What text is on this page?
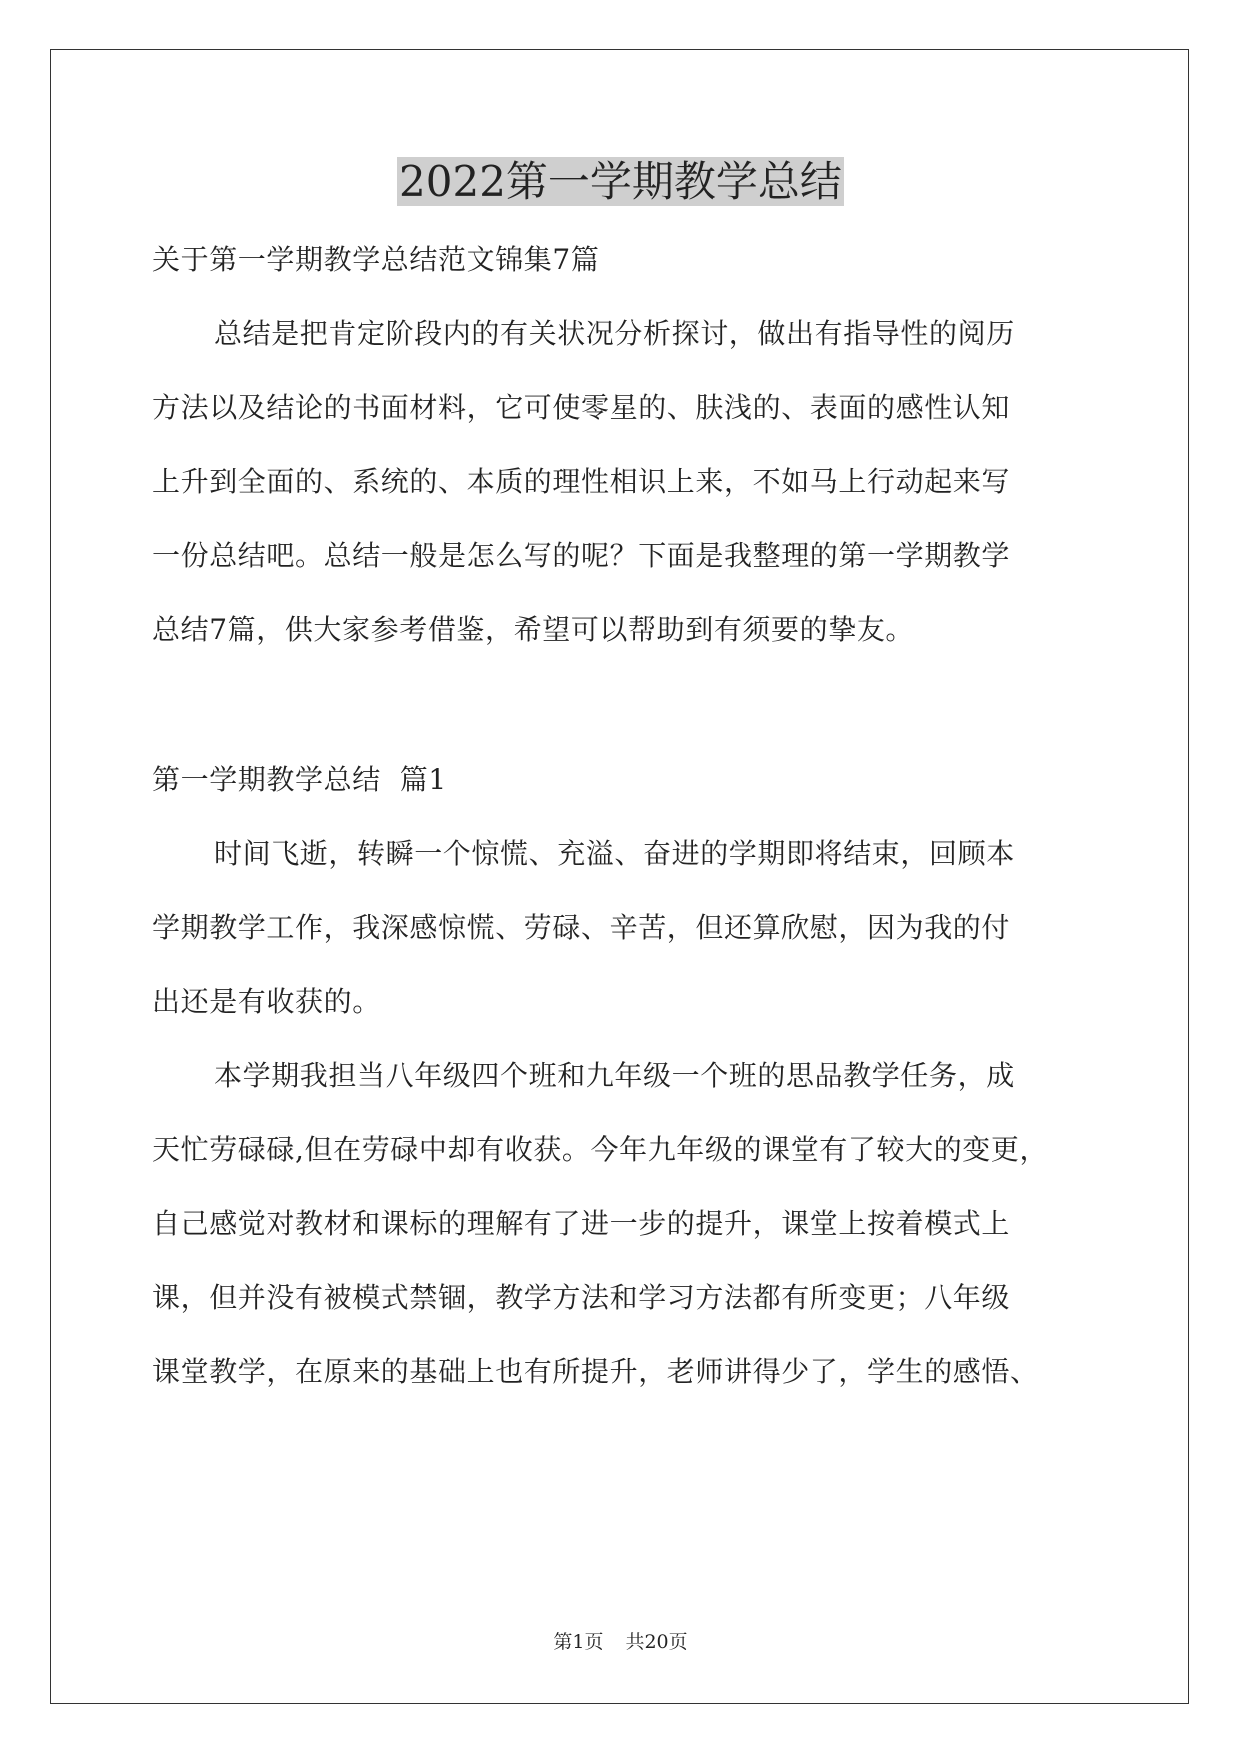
2022第一学期教学总结

关于第一学期教学总结范文锦集7篇

总结是把肯定阶段内的有关状况分析探讨，做出有指导性的阅历

方法以及结论的书面材料，它可使零星的、肤浅的、表面的感性认知

上升到全面的、系统的、本质的理性相识上来，不如马上行动起来写

一份总结吧。总结一般是怎么写的呢？下面是我整理的第一学期教学

总结7篇，供大家参考借鉴，希望可以帮助到有须要的挚友。

第一学期教学总结  篇1

时间飞逝，转瞬一个惊慌、充溢、奋进的学期即将结束，回顾本

学期教学工作，我深感惊慌、劳碌、辛苦，但还算欣慰，因为我的付

出还是有收获的。

本学期我担当八年级四个班和九年级一个班的思品教学任务，成

天忙劳碌碌,但在劳碌中却有收获。今年九年级的课堂有了较大的变更，

自己感觉对教材和课标的理解有了进一步的提升，课堂上按着模式上

课，但并没有被模式禁锢，教学方法和学习方法都有所变更；八年级

课堂教学，在原来的基础上也有所提升，老师讲得少了，学生的感悟、

第1页 共20页
